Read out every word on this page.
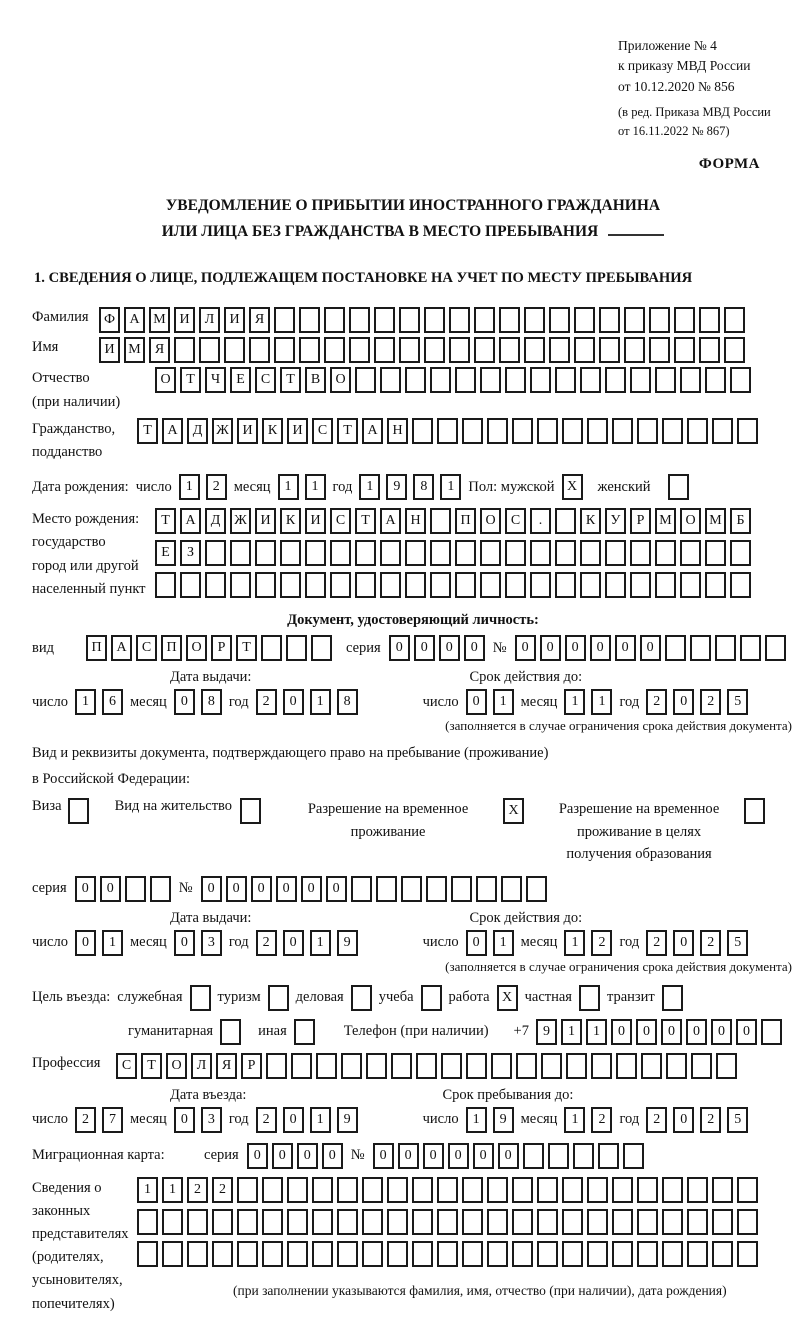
Приложение № 4
к приказу МВД России
от 10.12.2020 № 856
(в ред. Приказа МВД России
от 16.11.2022 № 867)
ФОРМА
УВЕДОМЛЕНИЕ О ПРИБЫТИИ ИНОСТРАННОГО ГРАЖДАНИНА
ИЛИ ЛИЦА БЕЗ ГРАЖДАНСТВА В МЕСТО ПРЕБЫВАНИЯ
1. СВЕДЕНИЯ О ЛИЦЕ, ПОДЛЕЖАЩЕМ ПОСТАНОВКЕ НА УЧЕТ ПО МЕСТУ ПРЕБЫВАНИЯ
Фамилия	Ф	А М И	Л	И	Я
Имя	И М	Я
Отчество
(при наличии)
О	Т	Ч	Е	С	Т	В	О
Гражданство,
подданство
Т	А	Д Ж И	К	И	С	Т	А	Н
Дата рождения: число	1	2 месяц	1	1 год	1	9	8	1 Пол: мужской X	женский
Место рождения:
государство
город или другой
населенный пункт
Т	А	Д Ж И	К	И	С	Т	А	Н	П	О	С	.	К	У	Р	М О М	Б
Е	З
Документ, удостоверяющий личность:
вид	П	А	С	П	О	Р	Т	серия	0	0	0	0	№	0	0	0	0	0	0
Дата выдачи:	Срок действия до:
число	1	6 месяц	0	8 год	2	0	1	8	число	0	1 месяц	1	1 год	2	0	2	5
(заполняется в случае ограничения срока действия документа)
Вид и реквизиты документа, подтверждающего право на пребывание (проживание)
в Российской Федерации:
Виза	Вид на жительство	Разрешение на временное
проживание
X	Разрешение на временное
проживание в целях
получения образования
серия	0	0	№	0	0	0	0	0	0
Дата выдачи:	Срок действия до:
число	0	1 месяц	0	3 год	2	0	1	9	число	0	1 месяц	1	2 год	2	0	2	5
(заполняется в случае ограничения срока действия документа)
Цель въезда: служебная туризм деловая учеба работа X частная транзит
гуманитарная	иная	Телефон (при наличии) +7	9	1	1	0	0	0	0	0	0
Профессия	С	Т	О	Л	Я	Р
Дата въезда:	Срок пребывания до:
число	2	7 месяц	0	3 год	2	0	1	9	число	1	9 месяц	1	2 год	2	0	2	5
Миграционная карта:	серия	0	0	0	0	№	0	0	0	0	0	0
Сведения о
законных
представителях
(родителях,
усыновителях,
попечителях)
1	1	2	2
(при заполнении указываются фамилия, имя, отчество (при наличии), дата рождения)
